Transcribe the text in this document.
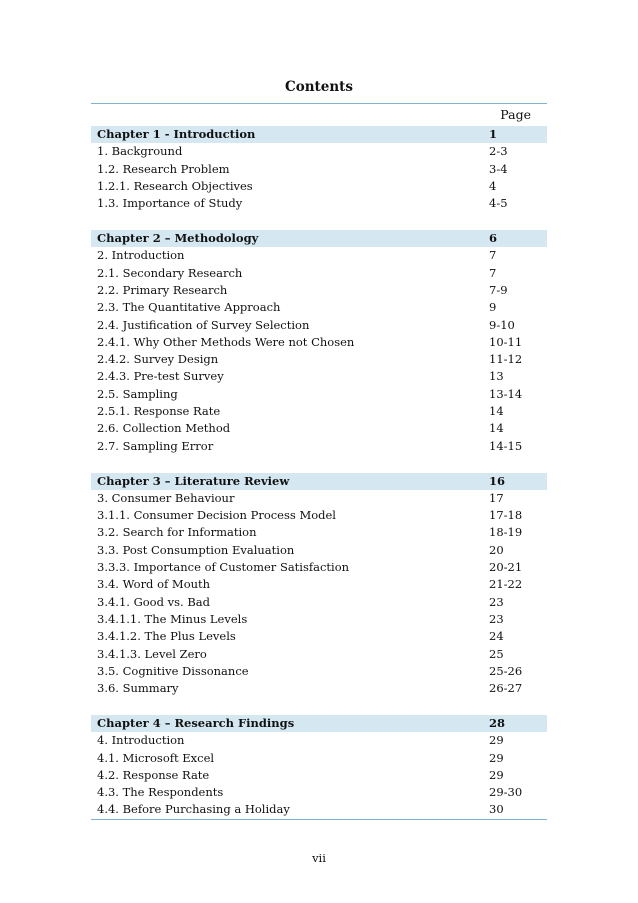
Contents
Page
Chapter 1 - Introduction	1
1. Background	2-3
1.2. Research Problem	3-4
1.2.1. Research Objectives	4
1.3. Importance of Study	4-5
Chapter 2 – Methodology	6
2. Introduction	7
2.1. Secondary Research	7
2.2. Primary Research	7-9
2.3. The Quantitative Approach	9
2.4. Justification of Survey Selection	9-10
2.4.1. Why Other Methods Were not Chosen	10-11
2.4.2. Survey Design	11-12
2.4.3. Pre-test Survey	13
2.5. Sampling	13-14
2.5.1. Response Rate	14
2.6. Collection Method	14
2.7. Sampling Error	14-15
Chapter 3 – Literature Review	16
3. Consumer Behaviour	17
3.1.1. Consumer Decision Process Model	17-18
3.2. Search for Information	18-19
3.3. Post Consumption Evaluation	20
3.3.3. Importance of Customer Satisfaction	20-21
3.4. Word of Mouth	21-22
3.4.1. Good vs. Bad	23
3.4.1.1. The Minus Levels	23
3.4.1.2. The Plus Levels	24
3.4.1.3. Level Zero	25
3.5. Cognitive Dissonance	25-26
3.6. Summary	26-27
Chapter 4 – Research Findings	28
4. Introduction	29
4.1. Microsoft Excel	29
4.2. Response Rate	29
4.3. The Respondents	29-30
4.4. Before Purchasing a Holiday	30
vii
